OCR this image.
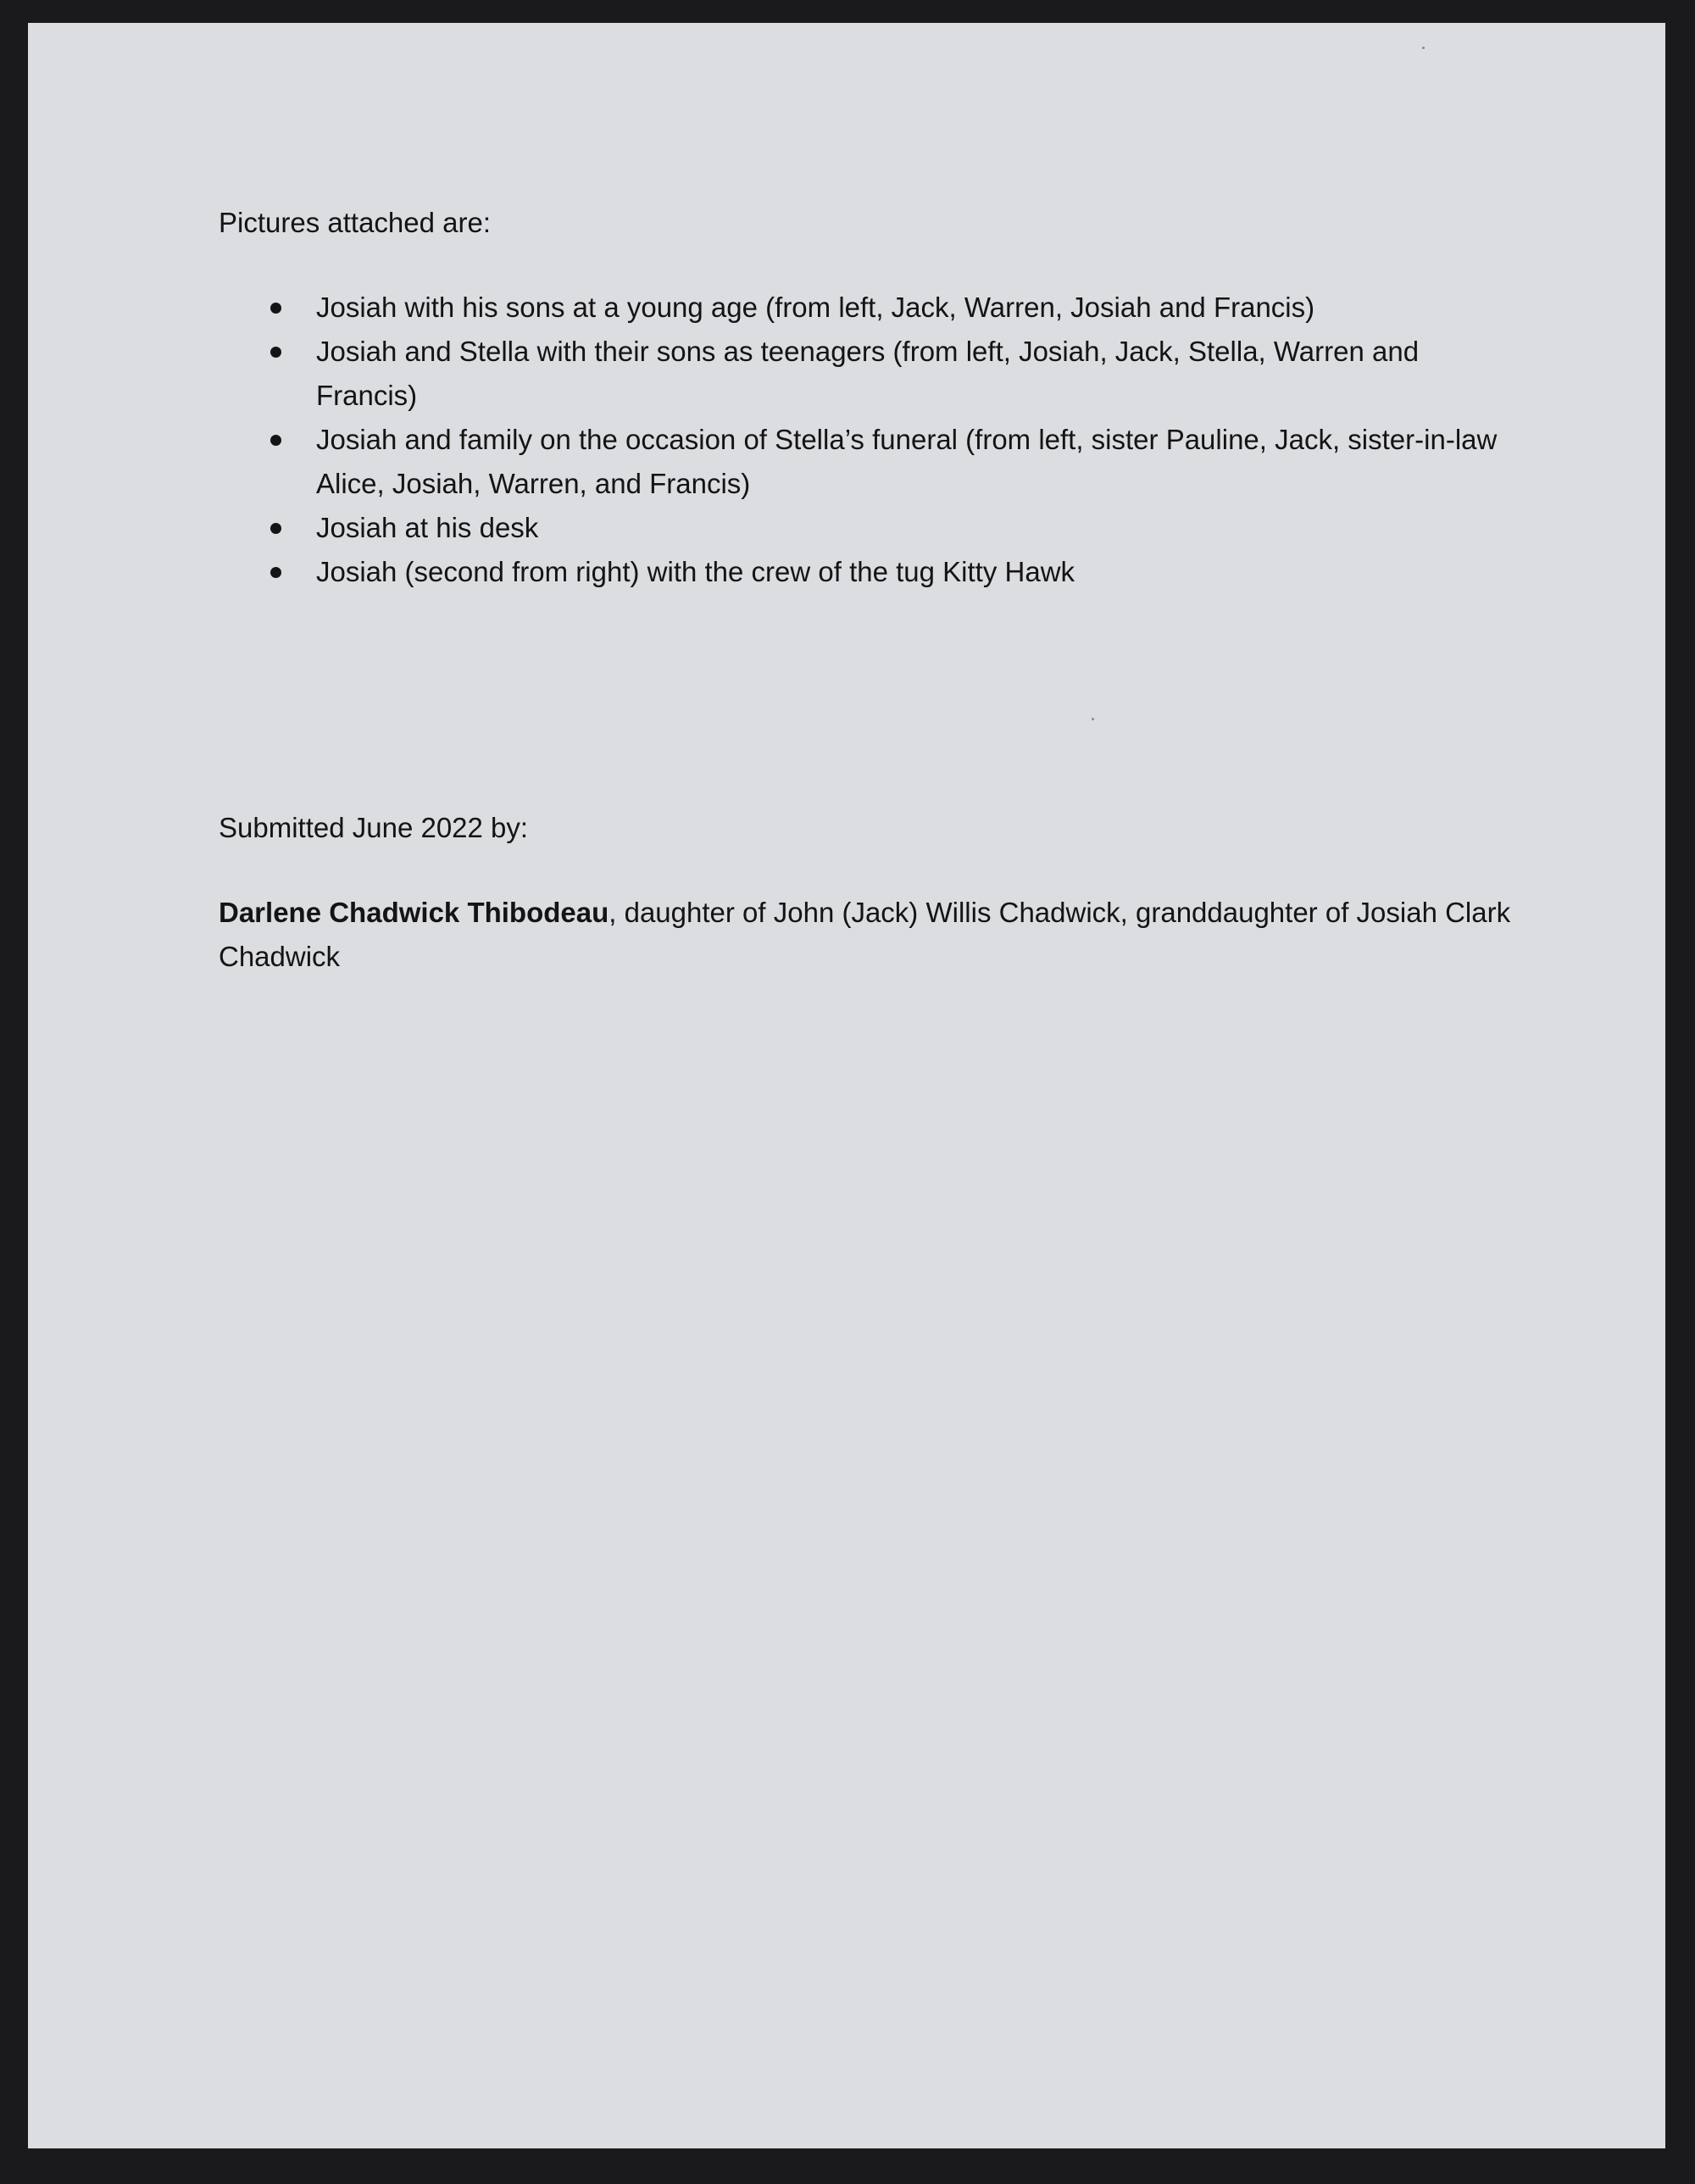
Pictures attached are:

Josiah with his sons at a young age (from left, Jack, Warren, Josiah and Francis)
Josiah and Stella with their sons as teenagers (from left, Josiah, Jack, Stella, Warren and Francis)
Josiah and family on the occasion of Stella’s funeral (from left, sister Pauline, Jack, sister-in-law Alice, Josiah, Warren, and Francis)
Josiah at his desk
Josiah (second from right) with the crew of the tug Kitty Hawk

Submitted June 2022 by:

Darlene Chadwick Thibodeau, daughter of John (Jack) Willis Chadwick, granddaughter of Josiah Clark Chadwick
